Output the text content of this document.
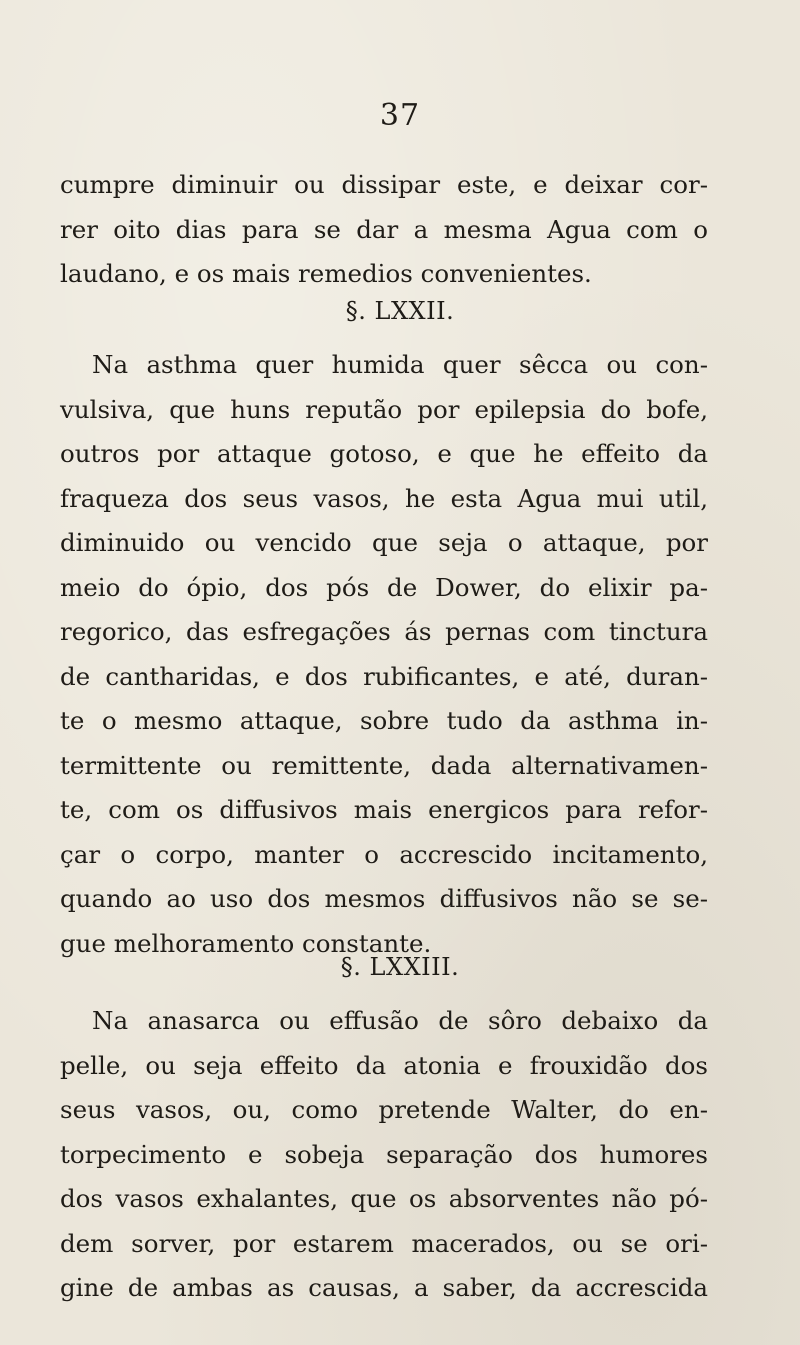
37
cumpre diminuir ou dissipar este, e deixar cor-
rer oito dias para se dar a mesma Agua com o
laudano, e os mais remedios convenientes.
§. LXXII.
Na asthma quer humida quer sêcca ou con-
vulsiva, que huns reputão por epilepsia do bofe,
outros por attaque gotoso, e que he effeito da
fraqueza dos seus vasos, he esta Agua mui util,
diminuido ou vencido que seja o attaque, por
meio do ópio, dos pós de Dower, do elixir pa-
regorico, das esfregações ás pernas com tinctura
de cantharidas, e dos rubificantes, e até, duran-
te o mesmo attaque, sobre tudo da asthma in-
termittente ou remittente, dada alternativamen-
te, com os diffusivos mais energicos para refor-
çar o corpo, manter o accrescido incitamento,
quando ao uso dos mesmos diffusivos não se se-
gue melhoramento constante.
§. LXXIII.
Na anasarca ou effusão de sôro debaixo da
pelle, ou seja effeito da atonia e frouxidão dos
seus vasos, ou, como pretende Walter, do en-
torpecimento e sobeja separação dos humores
dos vasos exhalantes, que os absorventes não pó-
dem sorver, por estarem macerados, ou se ori-
gine de ambas as causas, a saber, da accrescida
